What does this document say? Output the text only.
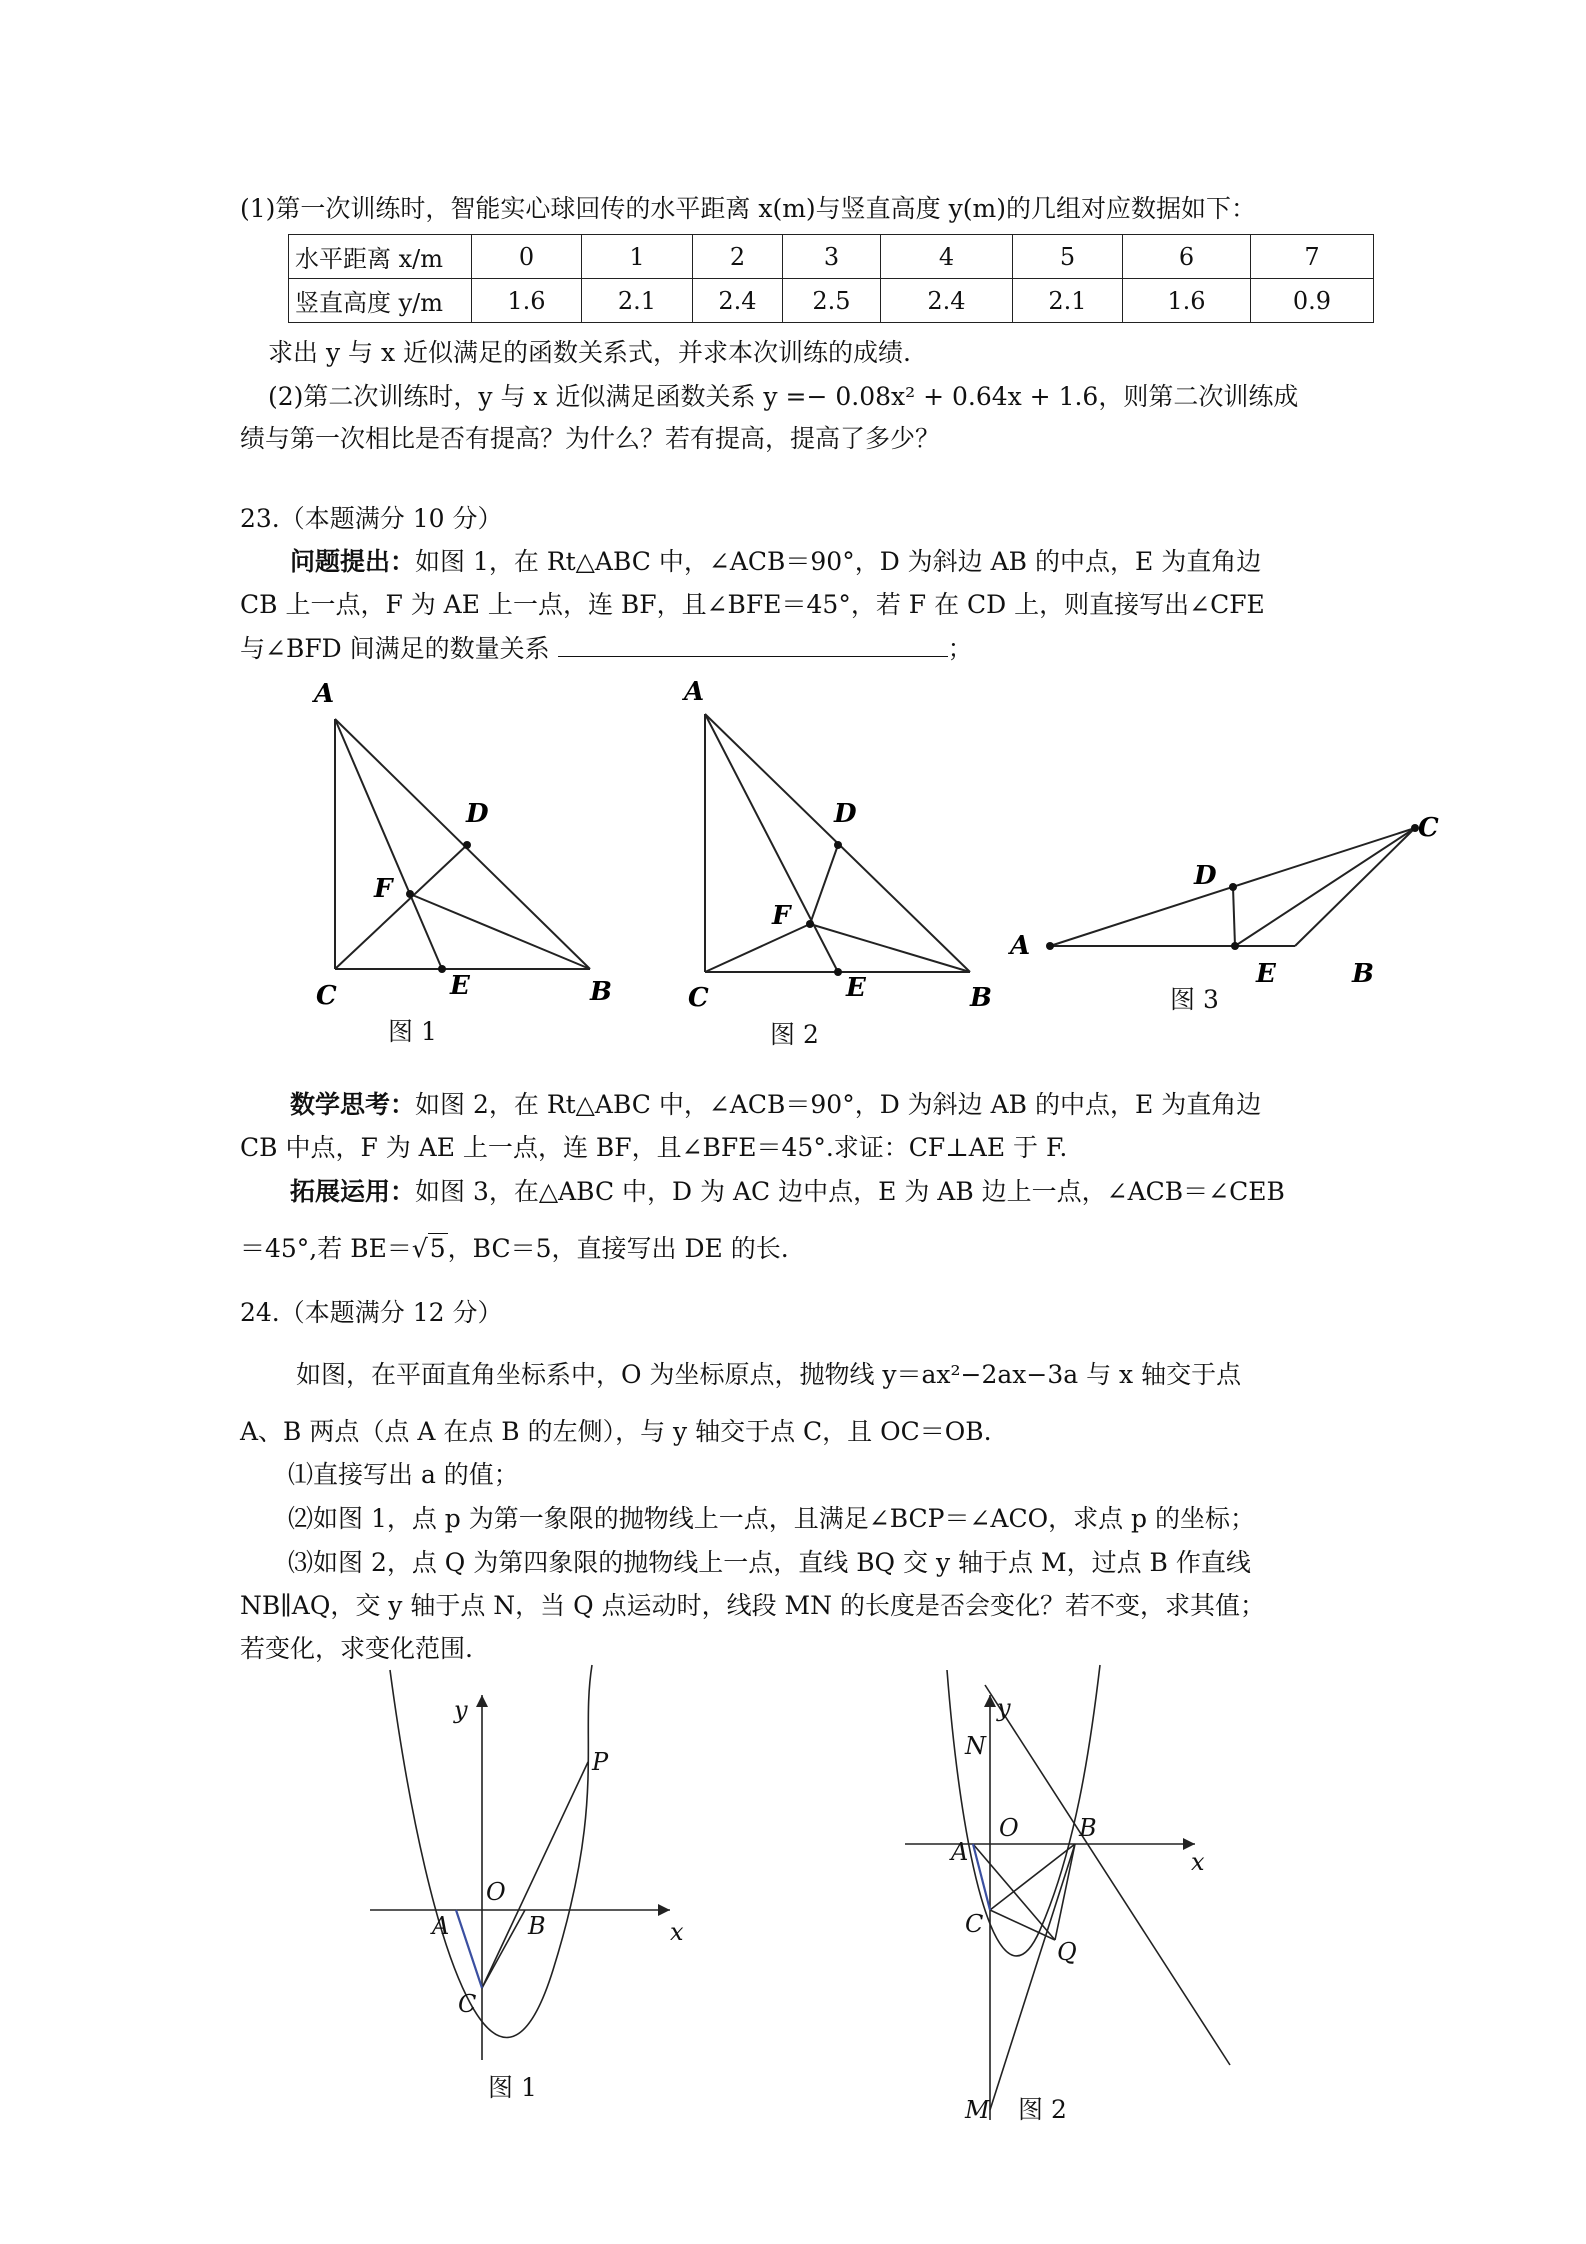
(1)第一次训练时，智能实心球回传的水平距离 x(m)与竖直高度 y(m)的几组对应数据如下：
水平距离 x/m	0	1	2	3	4	5	6	7
竖直高度 y/m	1.6	2.1	2.4	2.5	2.4	2.1	1.6	0.9
求出 y 与 x 近似满足的函数关系式，并求本次训练的成绩.
(2)第二次训练时，y 与 x 近似满足函数关系 y =− 0.08x² + 0.64x + 1.6，则第二次训练成
绩与第一次相比是否有提高？为什么？若有提高，提高了多少？
23.（本题满分 10 分）
问题提出：如图 1，在 Rt△ABC 中，∠ACB＝90°，D 为斜边 AB 的中点，E 为直角边
CB 上一点，F 为 AE 上一点，连 BF，且∠BFE＝45°，若 F 在 CD 上，则直接写出∠CFE
与∠BFD 间满足的数量关系	；
A
D
F
C	E	B
图 1
A
D
F
C	E	B
图 2
A
D
E	B
C
图 3
数学思考：如图 2，在 Rt△ABC 中，∠ACB＝90°，D 为斜边 AB 的中点，E 为直角边
CB 中点，F 为 AE 上一点，连 BF，且∠BFE＝45°.求证：CF⊥AE 于 F.
拓展运用：如图 3，在△ABC 中，D 为 AC 边中点，E 为 AB 边上一点，∠ACB＝∠CEB
＝45°,若 BE＝√5，BC＝5，直接写出 DE 的长.
24.（本题满分 12 分）
如图，在平面直角坐标系中，O 为坐标原点，抛物线 y＝ax²−2ax−3a 与 x 轴交于点
A、B 两点（点 A 在点 B 的左侧），与 y 轴交于点 C，且 OC＝OB.
⑴直接写出 a 的值；
⑵如图 1，点 p 为第一象限的抛物线上一点，且满足∠BCP＝∠ACO，求点 p 的坐标；
⑶如图 2，点 Q 为第四象限的抛物线上一点，直线 BQ 交 y 轴于点 M，过点 B 作直线
NB∥AQ，交 y 轴于点 N，当 Q 点运动时，线段 MN 的长度是否会变化？若不变，求其值；
若变化，求变化范围.
x
y
O
A	B
C
P
图 1
x
y
O
A
B
C
Q
M
N
图 2
